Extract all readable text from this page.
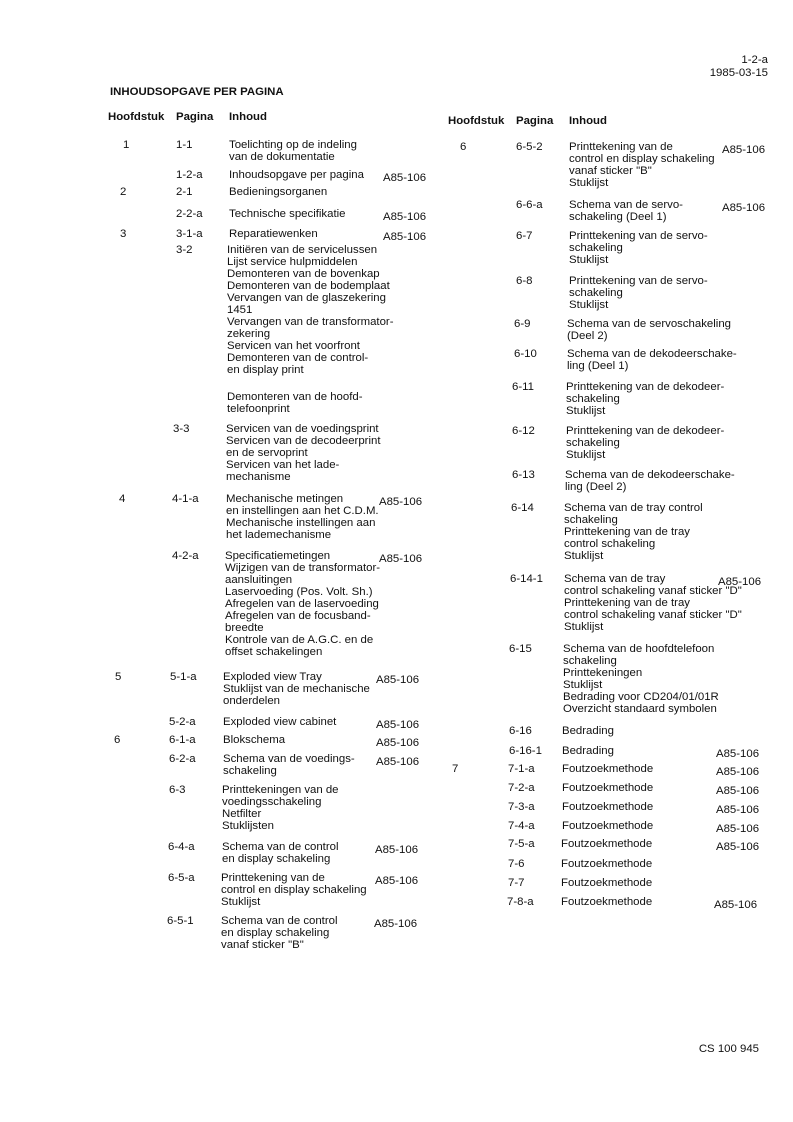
1-2-a
1985-03-15
INHOUDSOPGAVE PER PAGINA
Hoofdstuk Pagina Inhoud	Hoofdstuk Pagina Inhoud
1	1-1	Toelichting op de indeling
van de dokumentatie
1-2-a Inhoudsopgave per pagina A85-106
2	2-1	Bedieningsorganen
2-2-a Technische specifikatie	A85-106
3	3-1-a Reparatiewenken	A85-106
3-2	Initiëren van de servicelussen
Lijst service hulpmiddelen
Demonteren van de bovenkap
Demonteren van de bodemplaat
Vervangen van de glaszekering
1451
Vervangen van de transformator-
zekering
Servicen van het voorfront
Demonteren van de control-
en display print
Demonteren van de hoofd-
telefoonprint
3-3	Servicen van de voedingsprint
Servicen van de decodeerprint
en de servoprint
Servicen van het lade-
mechanisme
4	4-1-a Mechanische metingen
en instellingen aan het C.D.M.
Mechanische instellingen aan
het lademechanisme
A85-106
4-2-a Specificatiemetingen
Wijzigen van de transformator-
aansluitingen
Laservoeding (Pos. Volt. Sh.)
Afregelen van de laservoeding
Afregelen van de focusband-
breedte
Kontrole van de A.G.C. en de
offset schakelingen
A85-106
5	5-1-a Exploded view Tray
Stuklijst van de mechanische
onderdelen
A85-106
5-2-a Exploded view cabinet	A85-106
6	6-1-a Blokschema	A85-106
6-2-a Schema van de voedings-
schakeling
A85-106
6-3	Printtekeningen van de
voedingsschakeling
Netfilter
Stuklijsten
6-4-a Schema van de control
en display schakeling
A85-106
6-5-a Printtekening van de
control en display schakeling
Stuklijst
A85-106
6-5-1 Schema van de control
en display schakeling
vanaf sticker "B"
A85-106
6	6-5-2 Printtekening van de
control en display schakeling
vanaf sticker "B"
Stuklijst
A85-106
6-6-a Schema van de servo-
schakeling (Deel 1)
A85-106
6-7	Printtekening van de servo-
schakeling
Stuklijst
6-8	Printtekening van de servo-
schakeling
Stuklijst
6-9	Schema van de servoschakeling
(Deel 2)
6-10	Schema van de dekodeerschake-
ling (Deel 1)
6-11	Printtekening van de dekodeer-
schakeling
Stuklijst
6-12	Printtekening van de dekodeer-
schakeling
Stuklijst
6-13	Schema van de dekodeerschake-
ling (Deel 2)
6-14	Schema van de tray control
schakeling
Printtekening van de tray
control schakeling
Stuklijst
6-14-1 Schema van de tray
control schakeling vanaf sticker "D"
Printtekening van de tray
control schakeling vanaf sticker "D"
Stuklijst
A85-106
6-15	Schema van de hoofdtelefoon
schakeling
Printtekeningen
Stuklijst
Bedrading voor CD204/01/01R
Overzicht standaard symbolen
6-16	Bedrading
6-16-1 Bedrading	A85-106
7	7-1-a Foutzoekmethode	A85-106
7-2-a Foutzoekmethode	A85-106
7-3-a Foutzoekmethode	A85-106
7-4-a Foutzoekmethode	A85-106
7-5-a Foutzoekmethode	A85-106
7-6	Foutzoekmethode
7-7	Foutzoekmethode
7-8-a Foutzoekmethode	A85-106
CS 100 945
